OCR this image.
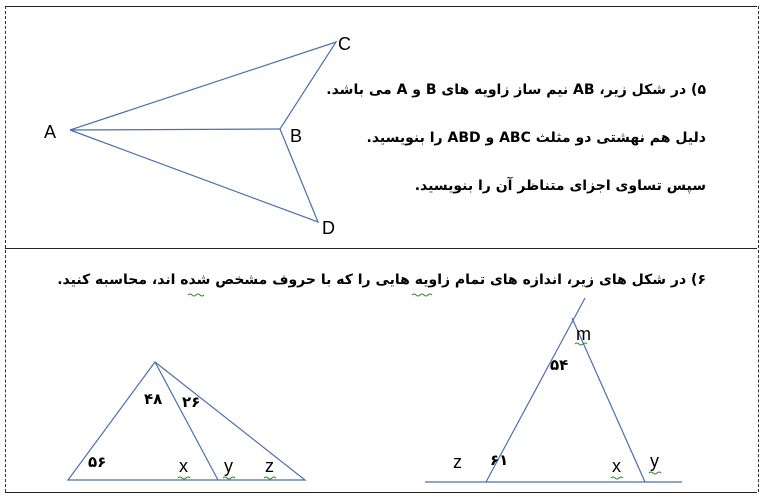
۵) در شکل زیر، AB نیم ساز زاویه های B و A می باشد.
دلیل هم نهشتی دو مثلث ABC و ABD را بنویسید.
سپس تساوی اجزای متناظر آن را بنویسید.
۶) در شکل های زیر، اندازه های تمام زاویه هایی را که با حروف مشخص شده اند، محاسبه کنید.
A	B
C
D
۴۸ ۲۶
۵۶	x y z
m
۵۴
۶۱
z	x y
